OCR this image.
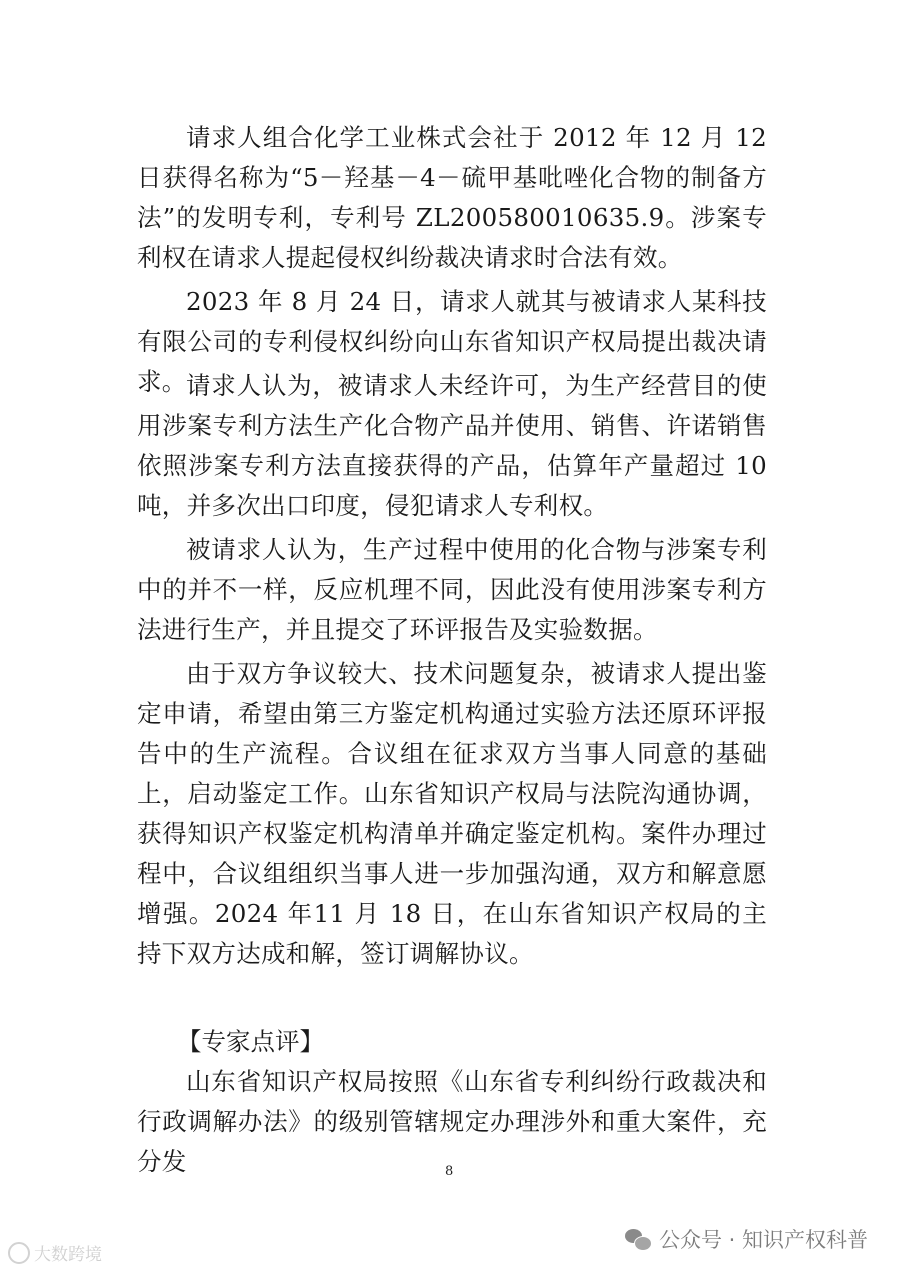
请求人组合化学工业株式会社于 2012 年 12 月 12 日获得名称为“5－羟基－4－硫甲基吡唑化合物的制备方法”的发明专利，专利号 ZL200580010635.9。涉案专利权在请求人提起侵权纠纷裁决请求时合法有效。

2023 年 8 月 24 日，请求人就其与被请求人某科技有限公司的专利侵权纠纷向山东省知识产权局提出裁决请求。 请求人认为，被请求人未经许可，为生产经营目的使用涉案专利方法生产化合物产品并使用、销售、许诺销售依照涉案专利方法直接获得的产品，估算年产量超过 10 吨，并多次出口印度，侵犯请求人专利权。

被请求人认为，生产过程中使用的化合物与涉案专利中的并不一样，反应机理不同，因此没有使用涉案专利方法进行生产，并且提交了环评报告及实验数据。

由于双方争议较大、技术问题复杂，被请求人提出鉴定申请，希望由第三方鉴定机构通过实验方法还原环评报告中的生产流程。合议组在征求双方当事人同意的基础上，启动鉴定工作。山东省知识产权局与法院沟通协调，获得知识产权鉴定机构清单并确定鉴定机构。案件办理过程中，合议组组织当事人进一步加强沟通，双方和解意愿增强。2024 年11 月 18 日，在山东省知识产权局的主持下双方达成和解，签订调解协议。

【专家点评】

山东省知识产权局按照《山东省专利纠纷行政裁决和行政调解办法》的级别管辖规定办理涉外和重大案件，充分发	8
大数跨境
公众号 · 知识产权科普
